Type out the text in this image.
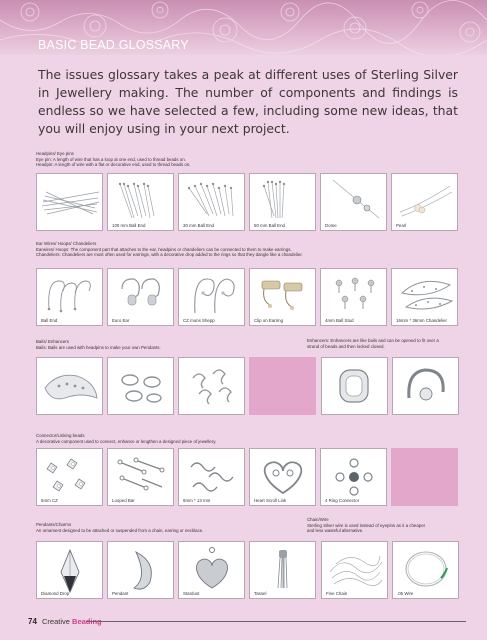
BASIC BEAD GLOSSARY
The issues glossary takes a peak at different uses of Sterling Silver in Jewellery making. The number of components and findings is endless so we have selected a few, including some new ideas, that you will enjoy using in your next project.
Headpins/ Eye pins
Eye pin: A length of wire that has a loop at one end, used to thread beads on.
Headpin: A length of wire with a flat or decorative end, used to thread beads on.
100 mm Ball End	30 mm Ball End	50 mm Ball End	Dome	Pearl
Ear Wires/ Hoops/ Chandeliers
Earwires/ Hoops: The component part that attaches to the ear, headpins or chandeliers can be connected to them to make earrings.
Chandeliers: Chandeliers are most often used for earrings, with a decorative drop added to the rings so that they dangle like a chandelier.
Ball End	Euro Ear	CZ mons Shepp	Clip on Earring	4mm Ball Stud	16mm * 36mm Chandelier
Bails/ Enhancers
Bails: Bails are used with headpins to make your own Pendants.
Enhancers: Enhancers are like bails and can be opened to fit over a
strand of beads and then locked closed.
Connector/Linking beads
A decorative component used to connect, enhance or lengthen a designed piece of jewellery.
5mm CZ	Looped Bar	6mm * 13 mm	Heart Scroll Link	4 Ring Connector
Pendants/Charms
An ornament designed to be attached or suspended from a chain, earring or necklace.
Diamond Drop	Pendant	Stardust	Tassel
Chain/Wire
Sterling Silver wire is used instead of eyepins as it a cheaper
and less wasteful alternative.
Fine Chain	.05 Wire
74 Creative Beading
